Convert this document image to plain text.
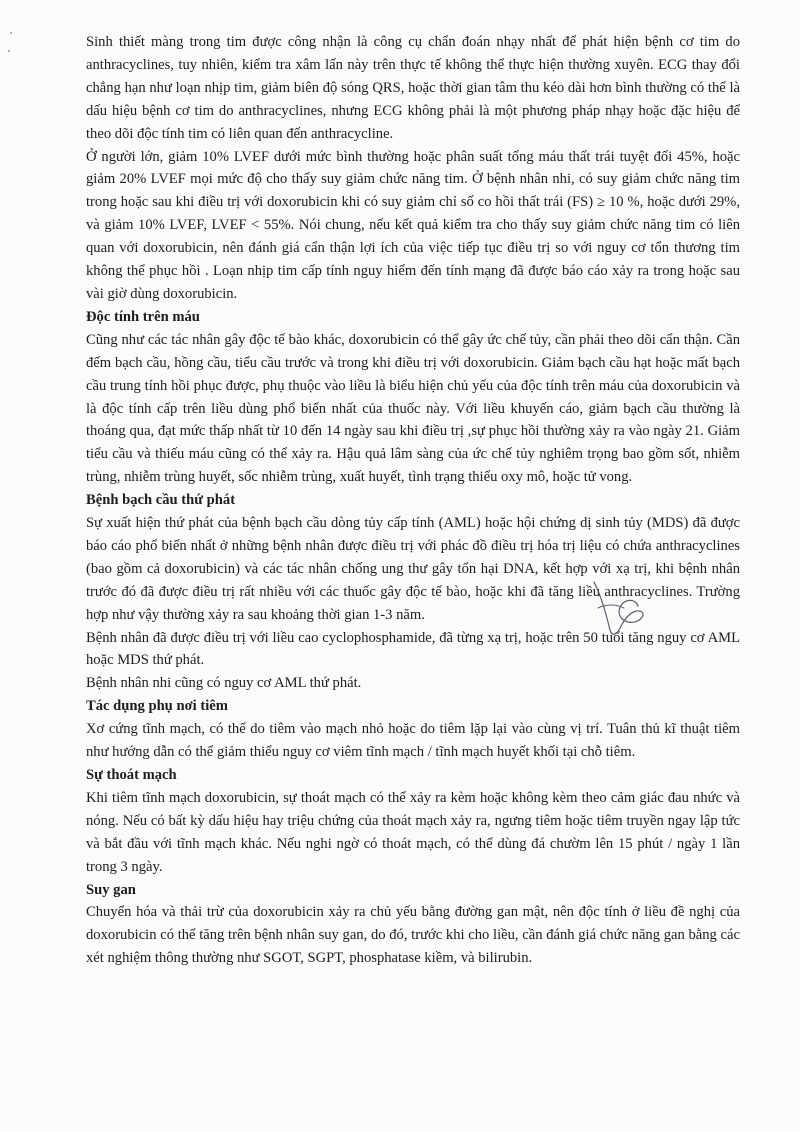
Sinh thiết màng trong tim được công nhận là công cụ chẩn đoán nhạy nhất để phát hiện bệnh cơ tim do anthracyclines, tuy nhiên, kiểm tra xâm lấn này trên thực tế không thể thực hiện thường xuyên. ECG thay đổi chẳng hạn như loạn nhịp tim, giảm biên độ sóng QRS, hoặc thời gian tâm thu kéo dài hơn bình thường có thể là dấu hiệu bệnh cơ tim do anthracyclines, nhưng ECG không phải là một phương pháp nhạy hoặc đặc hiệu để theo dõi độc tính tim có liên quan đến anthracycline.

Ở người lớn, giảm 10% LVEF dưới mức bình thường hoặc phân suất tống máu thất trái tuyệt đối 45%, hoặc giảm 20% LVEF mọi mức độ cho thấy suy giảm chức năng tim. Ở bệnh nhân nhi, có suy giảm chức năng tim trong hoặc sau khi điều trị với doxorubicin khi có suy giảm chỉ số co hồi thất trái (FS) ≥ 10 %, hoặc dưới 29%, và giảm 10% LVEF, LVEF < 55%. Nói chung, nếu kết quả kiểm tra cho thấy suy giảm chức năng tim có liên quan với doxorubicin, nên đánh giá cẩn thận lợi ích của việc tiếp tục điều trị so với nguy cơ tổn thương tim không thể phục hồi . Loạn nhịp tim cấp tính nguy hiểm đến tính mạng đã được báo cáo xảy ra trong hoặc sau vài giờ dùng doxorubicin.

Độc tính trên máu

Cũng như các tác nhân gây độc tế bào khác, doxorubicin có thể gây ức chế tủy, cần phải theo dõi cẩn thận. Cần đếm bạch cầu, hồng cầu, tiểu cầu trước và trong khi điều trị với doxorubicin. Giảm bạch cầu hạt hoặc mất bạch cầu trung tính hồi phục được, phụ thuộc vào liều là biểu hiện chủ yếu của độc tính trên máu của doxorubicin và là độc tính cấp trên liều dùng phổ biến nhất của thuốc này. Với liều khuyến cáo, giảm bạch cầu thường là thoáng qua, đạt mức thấp nhất từ 10 đến 14 ngày sau khi điều trị ,sự phục hồi thường xảy ra vào ngày 21. Giảm tiểu cầu và thiếu máu cũng có thể xảy ra. Hậu quả lâm sàng của ức chế tủy nghiêm trọng bao gồm sốt, nhiễm trùng, nhiễm trùng huyết, sốc nhiễm trùng, xuất huyết, tình trạng thiếu oxy mô, hoặc tử vong.

Bệnh bạch cầu thứ phát

Sự xuất hiện thứ phát của bệnh bạch cầu dòng tủy cấp tính (AML) hoặc hội chứng dị sinh tủy (MDS) đã được báo cáo phổ biến nhất ở những bệnh nhân được điều trị với phác đồ điều trị hóa trị liệu có chứa anthracyclines (bao gồm cả doxorubicin) và các tác nhân chống ung thư gây tổn hại DNA, kết hợp với xạ trị, khi bệnh nhân trước đó đã được điều trị rất nhiều với các thuốc gây độc tế bào, hoặc khi đã tăng liều anthracyclines. Trường hợp như vậy thường xảy ra sau khoảng thời gian 1-3 năm.

Bệnh nhân đã được điều trị với liều cao cyclophosphamide, đã từng xạ trị, hoặc trên 50 tuổi tăng nguy cơ AML hoặc MDS thứ phát.

Bệnh nhân nhi cũng có nguy cơ AML thứ phát.

Tác dụng phụ nơi tiêm

Xơ cứng tĩnh mạch, có thể do tiêm vào mạch nhỏ hoặc do tiêm lặp lại vào cùng vị trí. Tuân thủ kĩ thuật tiêm như hướng dẫn có thể giảm thiểu nguy cơ viêm tĩnh mạch / tĩnh mạch huyết khối tại chỗ tiêm.

Sự thoát mạch

Khi tiêm tĩnh mạch doxorubicin, sự thoát mạch có thể xảy ra kèm hoặc không kèm theo cảm giác đau nhức và nóng. Nếu có bất kỳ dấu hiệu hay triệu chứng của thoát mạch xảy ra, ngưng tiêm hoặc tiêm truyền ngay lập tức và bắt đầu với tĩnh mạch khác. Nếu nghi ngờ có thoát mạch, có thể dùng đá chườm lên 15 phút / ngày 1 lần trong 3 ngày.

Suy gan

Chuyển hóa và thải trừ của doxorubicin xảy ra chủ yếu bằng đường gan mật, nên độc tính ở liều đề nghị của doxorubicin có thể tăng trên bệnh nhân suy gan, do đó, trước khi cho liều, cần đánh giá chức năng gan bằng các xét nghiệm thông thường như SGOT, SGPT, phosphatase kiềm, và bilirubin.
